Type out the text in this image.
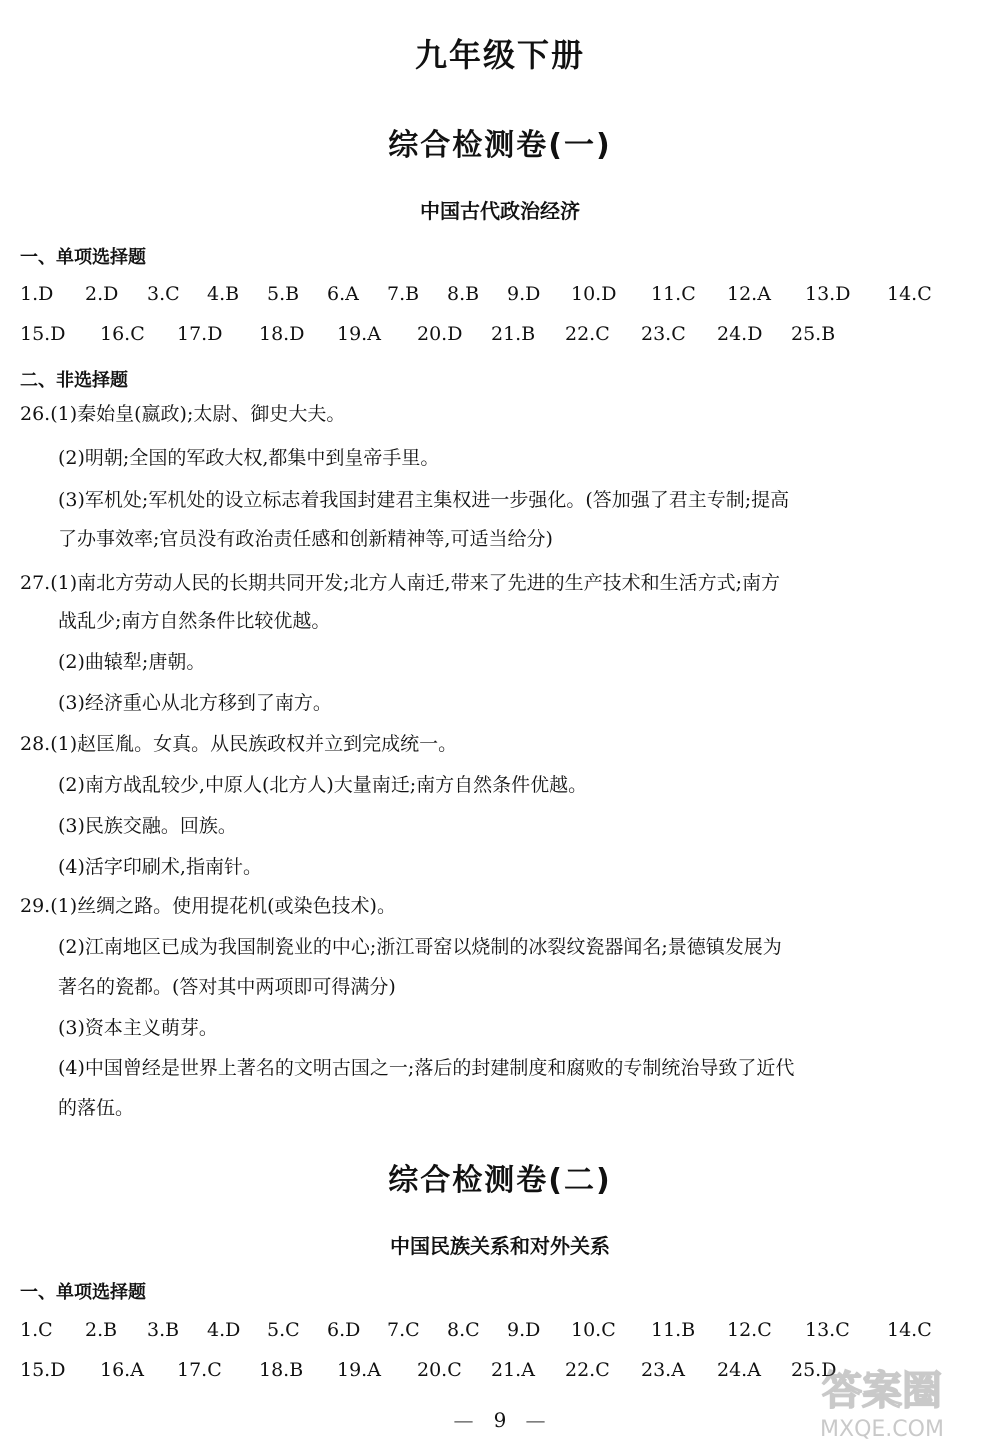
九年级下册
综合检测卷(一)
中国古代政治经济
一、单项选择题
1.D	2.D	3.C	4.B	5.B	6.A	7.B	8.B	9.D	10.D	11.C	12.A	13.D	14.C
15.D	16.C	17.D	18.D	19.A	20.D	21.B	22.C	23.C	24.D	25.B
二、非选择题
26.(1)秦始皇(嬴政);太尉、御史大夫。
(2)明朝;全国的军政大权,都集中到皇帝手里。
(3)军机处;军机处的设立标志着我国封建君主集权进一步强化。(答加强了君主专制;提高
了办事效率;官员没有政治责任感和创新精神等,可适当给分)
27.(1)南北方劳动人民的长期共同开发;北方人南迁,带来了先进的生产技术和生活方式;南方
战乱少;南方自然条件比较优越。
(2)曲辕犁;唐朝。
(3)经济重心从北方移到了南方。
28.(1)赵匡胤。女真。从民族政权并立到完成统一。
(2)南方战乱较少,中原人(北方人)大量南迁;南方自然条件优越。
(3)民族交融。回族。
(4)活字印刷术,指南针。
29.(1)丝绸之路。使用提花机(或染色技术)。
(2)江南地区已成为我国制瓷业的中心;浙江哥窑以烧制的冰裂纹瓷器闻名;景德镇发展为
著名的瓷都。(答对其中两项即可得满分)
(3)资本主义萌芽。
(4)中国曾经是世界上著名的文明古国之一;落后的封建制度和腐败的专制统治导致了近代
的落伍。
综合检测卷(二)
中国民族关系和对外关系
一、单项选择题
1.C	2.B	3.B	4.D	5.C	6.D	7.C	8.C	9.D	10.C	11.B	12.C	13.C	14.C
15.D	16.A	17.C	18.B	19.A	20.C	21.A	22.C	23.A	24.A	25.D
— 9 —
答案圈
MXQE.COM
